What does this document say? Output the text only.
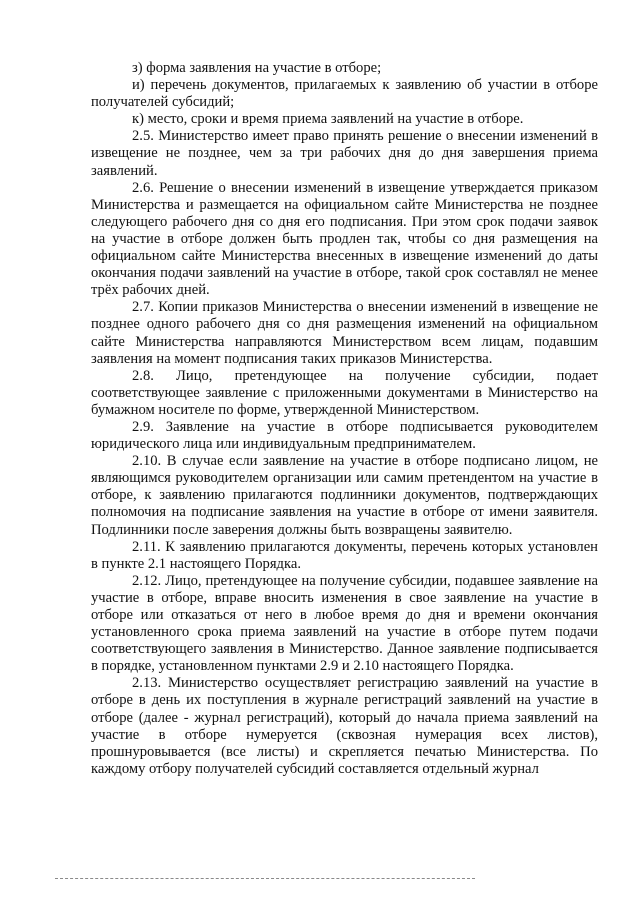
з) форма заявления на участие в отборе;

и) перечень документов, прилагаемых к заявлению об участии в отборе получателей субсидий;

к) место, сроки и время приема заявлений на участие в отборе.

2.5. Министерство имеет право принять решение о внесении изменений в извещение не позднее, чем за три рабочих дня до дня завершения приема заявлений.

2.6. Решение о внесении изменений в извещение утверждается приказом Министерства и размещается на официальном сайте Министерства не позднее следующего рабочего дня со дня его подписания. При этом срок подачи заявок на участие в отборе должен быть продлен так, чтобы со дня размещения на официальном сайте Министерства внесенных в извещение изменений до даты окончания подачи заявлений на участие в отборе, такой срок составлял не менее трёх рабочих дней.

2.7. Копии приказов Министерства о внесении изменений в извещение не позднее одного рабочего дня со дня размещения изменений на официальном сайте Министерства направляются Министерством всем лицам, подавшим заявления на момент подписания таких приказов Министерства.

2.8. Лицо, претендующее на получение субсидии, подает соответствующее заявление с приложенными документами в Министерство на бумажном носителе по форме, утвержденной Министерством.

2.9. Заявление на участие в отборе подписывается руководителем юридического лица или индивидуальным предпринимателем.

2.10. В случае если заявление на участие в отборе подписано лицом, не являющимся руководителем организации или самим претендентом на участие в отборе, к заявлению прилагаются подлинники документов, подтверждающих полномочия на подписание заявления на участие в отборе от имени заявителя. Подлинники после заверения должны быть возвращены заявителю.

2.11. К заявлению прилагаются документы, перечень которых установлен в пункте 2.1 настоящего Порядка.

2.12. Лицо, претендующее на получение субсидии, подавшее заявление на участие в отборе, вправе вносить изменения в свое заявление на участие в отборе или отказаться от него в любое время до дня и времени окончания установленного срока приема заявлений на участие в отборе путем подачи соответствующего заявления в Министерство. Данное заявление подписывается в порядке, установленном пунктами 2.9 и 2.10 настоящего Порядка.

2.13. Министерство осуществляет регистрацию заявлений на участие в отборе в день их поступления в журнале регистраций заявлений на участие в отборе (далее - журнал регистраций), который до начала приема заявлений на участие в отборе нумеруется (сквозная нумерация всех листов), прошнуровывается (все листы) и скрепляется печатью Министерства. По каждому отбору получателей субсидий составляется отдельный журнал
